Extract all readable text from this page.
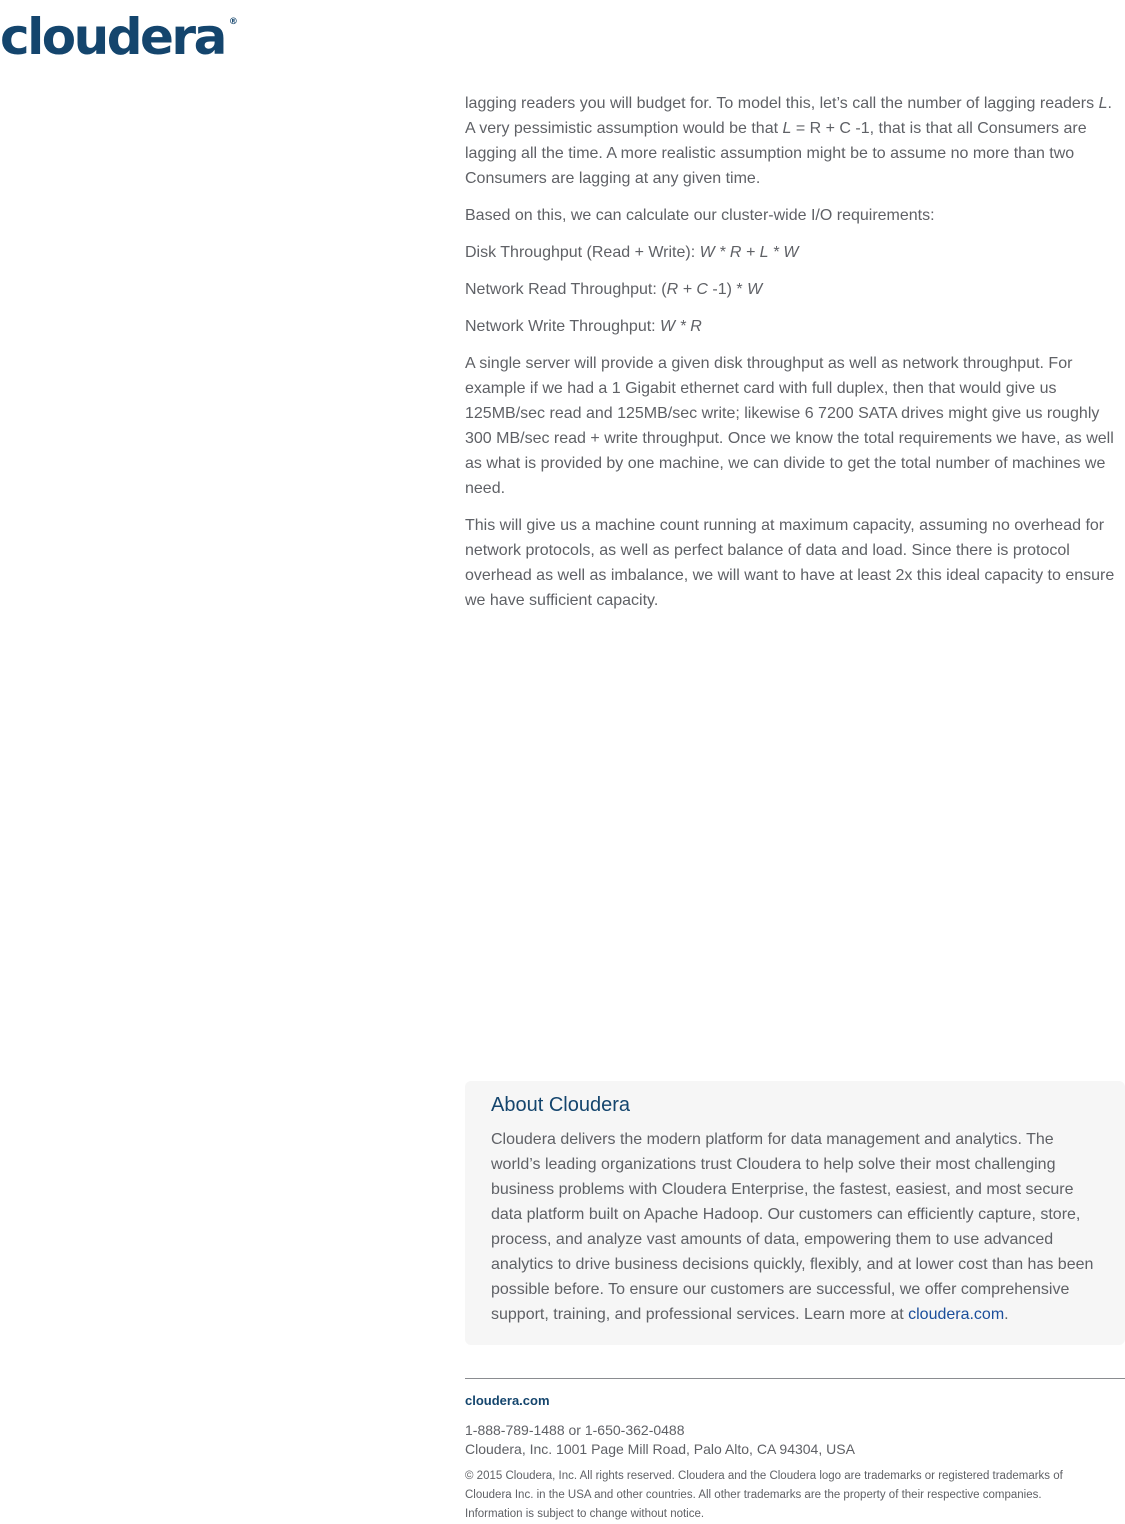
cloudera ®

lagging readers you will budget for. To model this, let’s call the number of lagging readers L. A very pessimistic assumption would be that L = R + C -1, that is that all Consumers are lagging all the time. A more realistic assumption might be to assume no more than two Consumers are lagging at any given time.

Based on this, we can calculate our cluster-wide I/O requirements:

Disk Throughput (Read + Write): W * R + L * W

Network Read Throughput: (R + C -1) * W

Network Write Throughput: W * R

A single server will provide a given disk throughput as well as network throughput. For example if we had a 1 Gigabit ethernet card with full duplex, then that would give us 125MB/sec read and 125MB/sec write; likewise 6 7200 SATA drives might give us roughly 300 MB/sec read + write throughput. Once we know the total requirements we have, as well as what is provided by one machine, we can divide to get the total number of machines we need.

This will give us a machine count running at maximum capacity, assuming no overhead for network protocols, as well as perfect balance of data and load. Since there is protocol overhead as well as imbalance, we will want to have at least 2x this ideal capacity to ensure we have sufficient capacity.

About Cloudera

Cloudera delivers the modern platform for data management and analytics. The world’s leading organizations trust Cloudera to help solve their most challenging business problems with Cloudera Enterprise, the fastest, easiest, and most secure data platform built on Apache Hadoop. Our customers can efficiently capture, store, process, and analyze vast amounts of data, empowering them to use advanced analytics to drive business decisions quickly, flexibly, and at lower cost than has been possible before. To ensure our customers are successful, we offer comprehensive support, training, and professional services. Learn more at cloudera.com.

cloudera.com
1-888-789-1488 or 1-650-362-0488
Cloudera, Inc. 1001 Page Mill Road, Palo Alto, CA 94304, USA
© 2015 Cloudera, Inc. All rights reserved. Cloudera and the Cloudera logo are trademarks or registered trademarks of
Cloudera Inc. in the USA and other countries. All other trademarks are the property of their respective companies.
Information is subject to change without notice.
